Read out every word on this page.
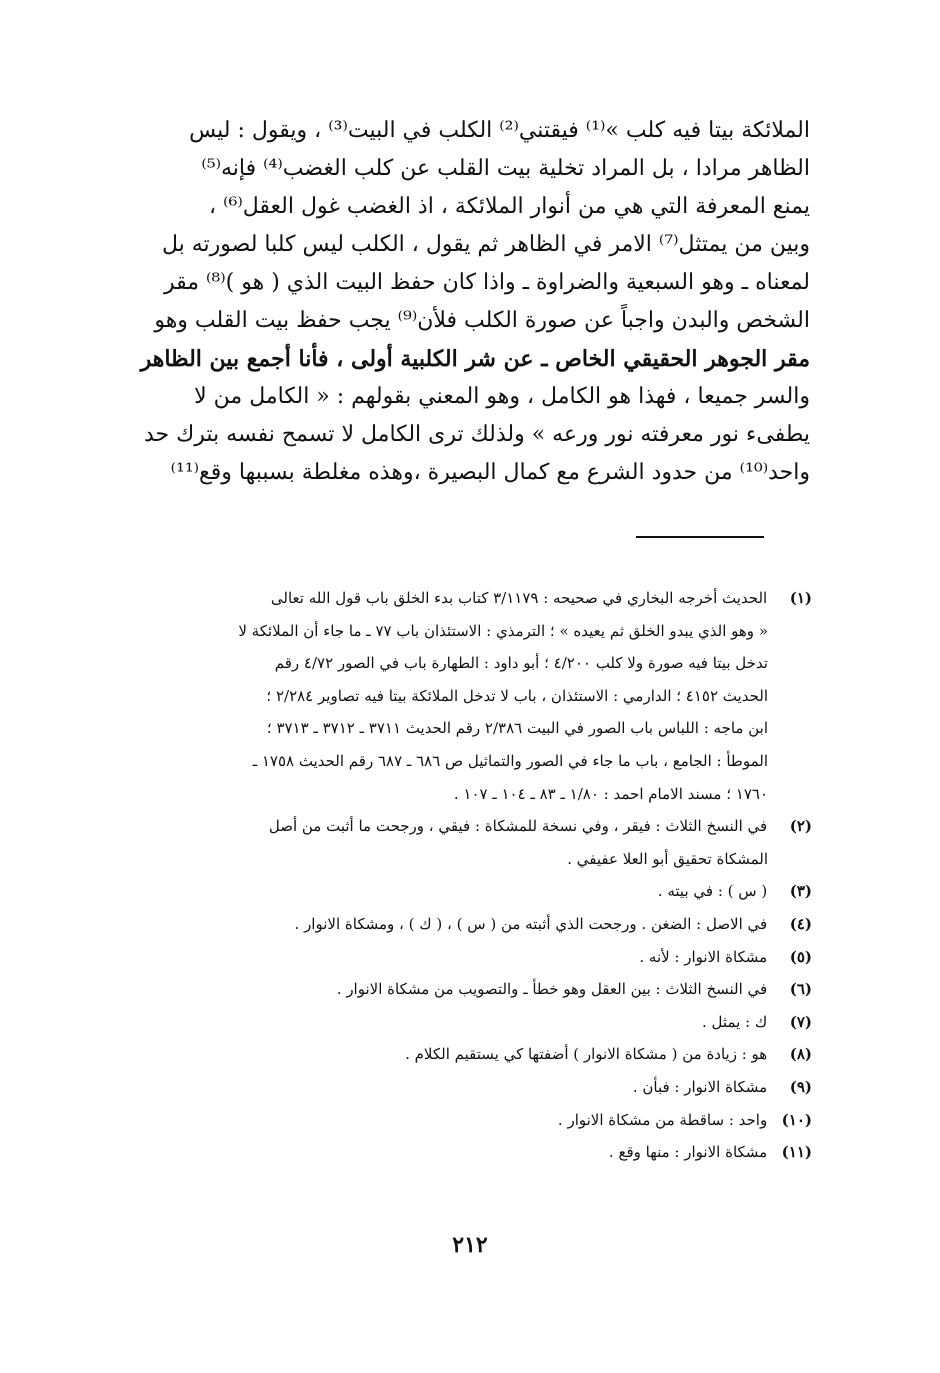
الملائكة بيتا فيه كلب »⁽¹⁾ فيقتني⁽²⁾ الكلب في البيت⁽³⁾ ، ويقول : ليس
الظاهر مرادا ، بل المراد تخلية بيت القلب عن كلب الغضب⁽⁴⁾ فإنه⁽⁵⁾
يمنع المعرفة التي هي من أنوار الملائكة ، اذ الغضب غول العقل⁽⁶⁾ ،
وبين من يمتثل⁽⁷⁾ الامر في الظاهر ثم يقول ، الكلب ليس كلبا لصورته بل
لمعناه ـ وهو السبعية والضراوة ـ واذا كان حفظ البيت الذي ( هو )⁽⁸⁾ مقر
الشخص والبدن واجباً عن صورة الكلب فلأن⁽⁹⁾ يجب حفظ بيت القلب وهو
مقر الجوهر الحقيقي الخاص ـ عن شر الكلبية أولى ، فأنا أجمع بين الظاهر
والسر جميعا ، فهذا هو الكامل ، وهو المعني بقولهم : « الكامل من لا
يطفىء نور معرفته نور ورعه » ولذلك ترى الكامل لا تسمح نفسه بترك حد
واحد⁽¹⁰⁾ من حدود الشرع مع كمال البصيرة ،وهذه مغلطة بسببها وقع⁽¹¹⁾
(١) الحديث أخرجه البخاري في صحيحه : ٣/١١٧٩ كتاب بدء الخلق باب قول الله تعالى
« وهو الذي يبدو الخلق ثم يعيده » ؛ الترمذي : الاستئذان باب ٧٧ ـ ما جاء أن الملائكة لا
تدخل بيتا فيه صورة ولا كلب ٤/٢٠٠ ؛ أبو داود : الطهارة باب في الصور ٤/٧٢ رقم
الحديث ٤١٥٢ ؛ الدارمي : الاستئذان ، باب لا تدخل الملائكة بيتا فيه تصاوير ٢/٢٨٤ ؛
ابن ماجه : اللباس باب الصور في البيت ٢/٣٨٦ رقم الحديث ٣٧١١ ـ ٣٧١٢ ـ ٣٧١٣ ؛
الموطأ : الجامع ، باب ما جاء في الصور والتماثيل ص ٦٨٦ ـ ٦٨٧ رقم الحديث ١٧٥٨ ـ
١٧٦٠ ؛ مسند الامام احمد : ١/٨٠ ـ ٨٣ ـ ١٠٤ ـ ١٠٧ .
(٢) في النسخ الثلاث : فيقر ، وفي نسخة للمشكاة : فيقي ، ورجحت ما أثبت من أصل
المشكاة تحقيق أبو العلا عفيفي .
(٣) ( س ) : في بيته .
(٤) في الاصل : الضغن . ورجحت الذي أثبته من ( س ) ، ( ك ) ، ومشكاة الانوار .
(٥) مشكاة الانوار : لأنه .
(٦) في النسخ الثلاث : بين العقل وهو خطأ ـ والتصويب من مشكاة الانوار .
(٧) ك : يمثل .
(٨) هو : زيادة من ( مشكاة الانوار ) أضفتها كي يستقيم الكلام .
(٩) مشكاة الانوار : فبأن .
(١٠) واحد : ساقطة من مشكاة الانوار .
(١١) مشكاة الانوار : منها وقع .
٢١٢
